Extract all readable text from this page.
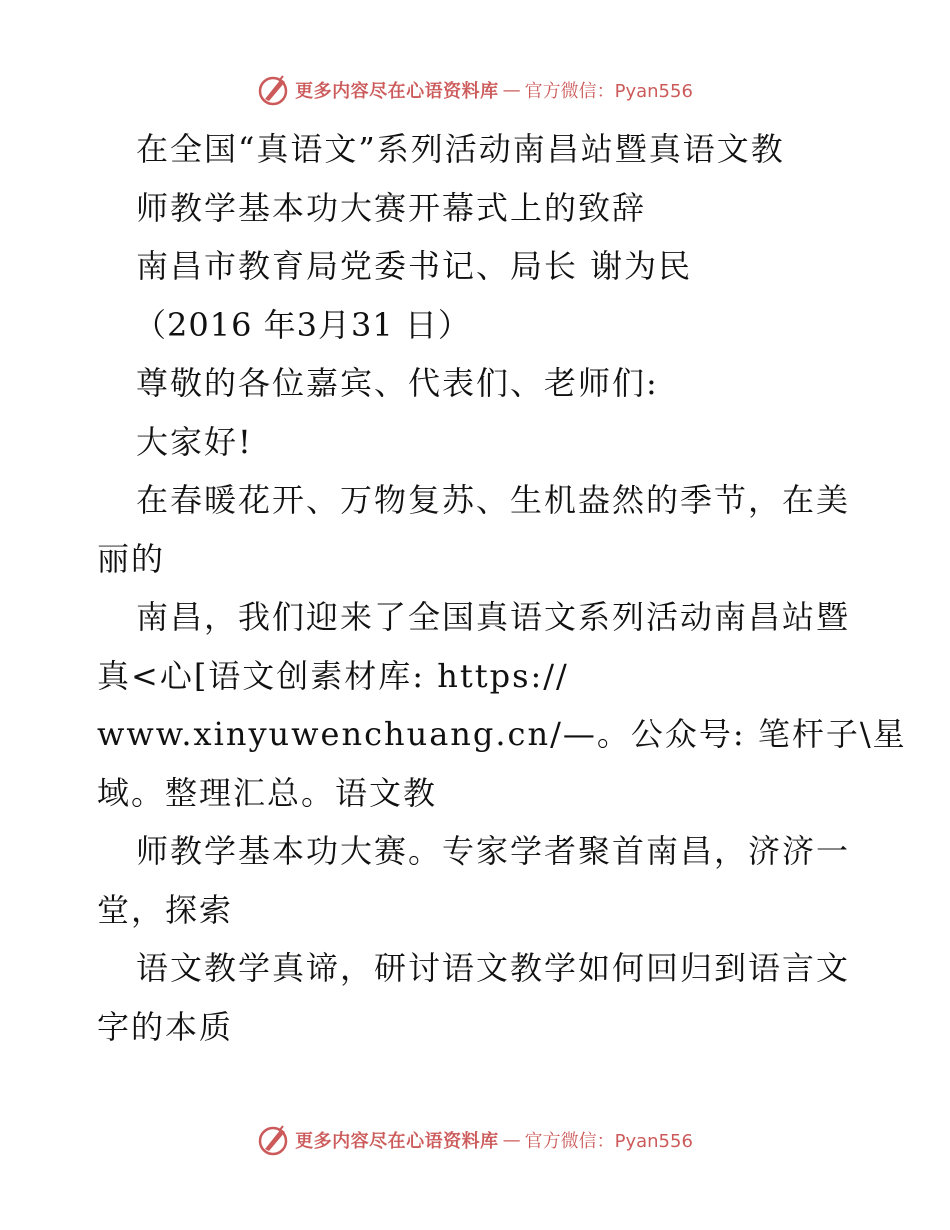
更多内容尽在心语资料库 — 官方微信：Pyan556
在全国“真语文”系列活动南昌站暨真语文教
师教学基本功大赛开幕式上的致辞
南昌市教育局党委书记、局长 谢为民
（2016 年3月31 日）
尊敬的各位嘉宾、代表们、老师们:
大家好!
在春暖花开、万物复苏、生机盎然的季节，在美
丽的
南昌，我们迎来了全国真语文系列活动南昌站暨
真<心[语文创素材库: https://
www.xinyuwenchuang.cn/—。公众号: 笔杆子\星
域。整理汇总。语文教
师教学基本功大赛。专家学者聚首南昌，济济一
堂，探索
语文教学真谛，研讨语文教学如何回归到语言文
字的本质
更多内容尽在心语资料库 — 官方微信：Pyan556
